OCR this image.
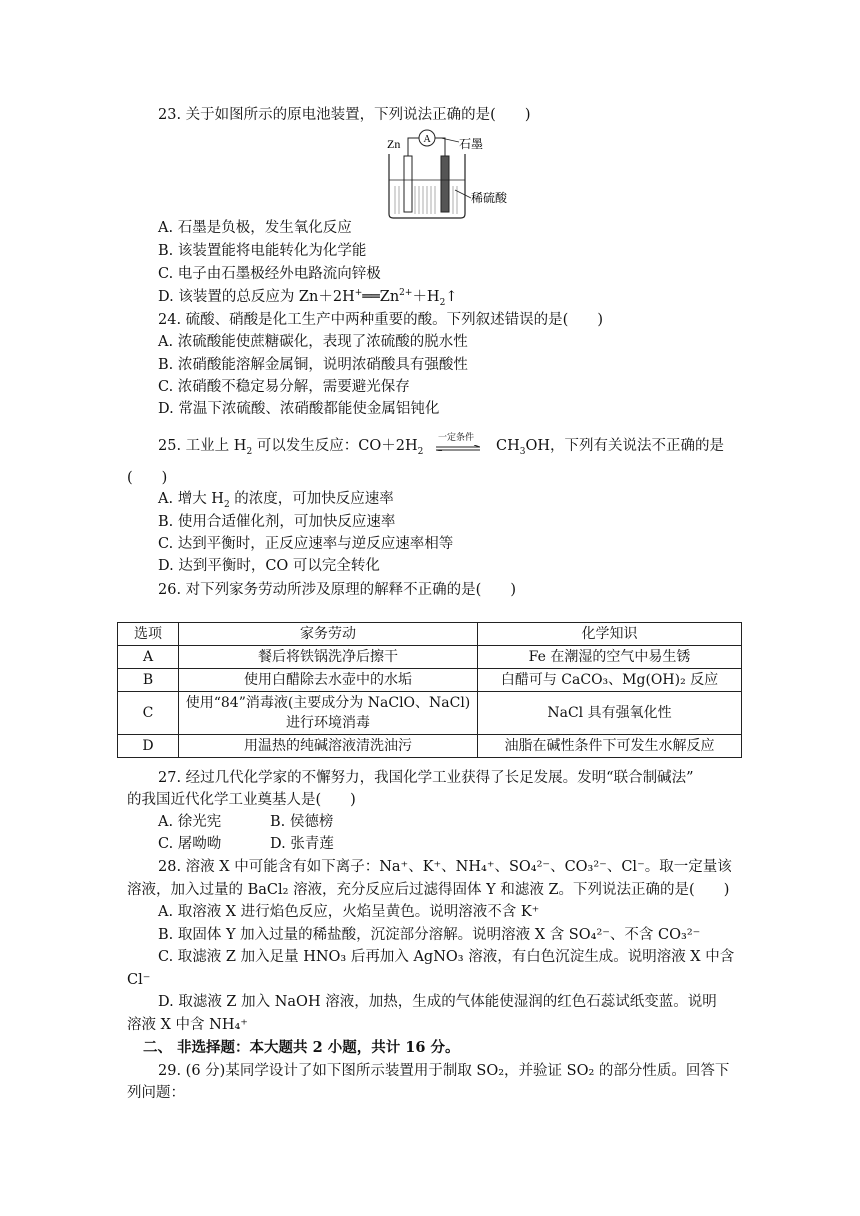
23. 关于如图所示的原电池装置，下列说法正确的是(　　)
Zn A 石墨
稀硫酸
A. 石墨是负极，发生氧化反应
B. 该装置能将电能转化为化学能
C. 电子由石墨极经外电路流向锌极
D. 该装置的总反应为 $Zn+2H^+══Zn^{2+}+H_2↑$
24. 硫酸、硝酸是化工生产中两种重要的酸。下列叙述错误的是(　　)
A. 浓硫酸能使蔗糖碳化，表现了浓硫酸的脱水性
B. 浓硝酸能溶解金属铜，说明浓硝酸具有强酸性
C. 浓硝酸不稳定易分解，需要避光保存
D. 常温下浓硫酸、浓硝酸都能使金属铝钝化
25. 工业上 $H_2$ 可以发生反应：$CO+2H_2$
一定条件 ⇌ $CH_3OH$，下列有关说法不正确的是
(　　)
A. 增大 $H_2$ 的浓度，可加快反应速率
B. 使用合适催化剂，可加快反应速率
C. 达到平衡时，正反应速率与逆反应速率相等
D. 达到平衡时，CO 可以完全转化
26. 对下列家务劳动所涉及原理的解释不正确的是(　　)
选项	家务劳动	化学知识
A	餐后将铁锅洗净后擦干	Fe 在潮湿的空气中易生锈
B	使用白醋除去水壶中的水垢	白醋可与 CaCO₃、Mg(OH)₂ 反应
C	使用“84”消毒液(主要成分为 NaClO、NaCl)
进行环境消毒	NaCl 具有强氧化性
D	用温热的纯碱溶液清洗油污	油脂在碱性条件下可发生水解反应
27. 经过几代化学家的不懈努力，我国化学工业获得了长足发展。发明“联合制碱法”
的我国近代化学工业奠基人是(　　)
A. 徐光宪	B. 侯德榜
C. 屠呦呦	D. 张青莲
28. 溶液 X 中可能含有如下离子：Na⁺、K⁺、NH₄⁺、SO₄²⁻、CO₃²⁻、Cl⁻。取一定量该
溶液，加入过量的 BaCl₂ 溶液，充分反应后过滤得固体 Y 和滤液 Z。下列说法正确的是(　　)
A. 取溶液 X 进行焰色反应，火焰呈黄色。说明溶液不含 K⁺
B. 取固体 Y 加入过量的稀盐酸，沉淀部分溶解。说明溶液 X 含 SO₄²⁻、不含 CO₃²⁻
C. 取滤液 Z 加入足量 HNO₃ 后再加入 AgNO₃ 溶液，有白色沉淀生成。说明溶液 X 中含
Cl⁻
D. 取滤液 Z 加入 NaOH 溶液，加热，生成的气体能使湿润的红色石蕊试纸变蓝。说明
溶液 X 中含 NH₄⁺
二、 非选择题：本大题共 2 小题，共计 16 分。
29. (6 分)某同学设计了如下图所示装置用于制取 SO₂，并验证 SO₂ 的部分性质。回答下
列问题：
